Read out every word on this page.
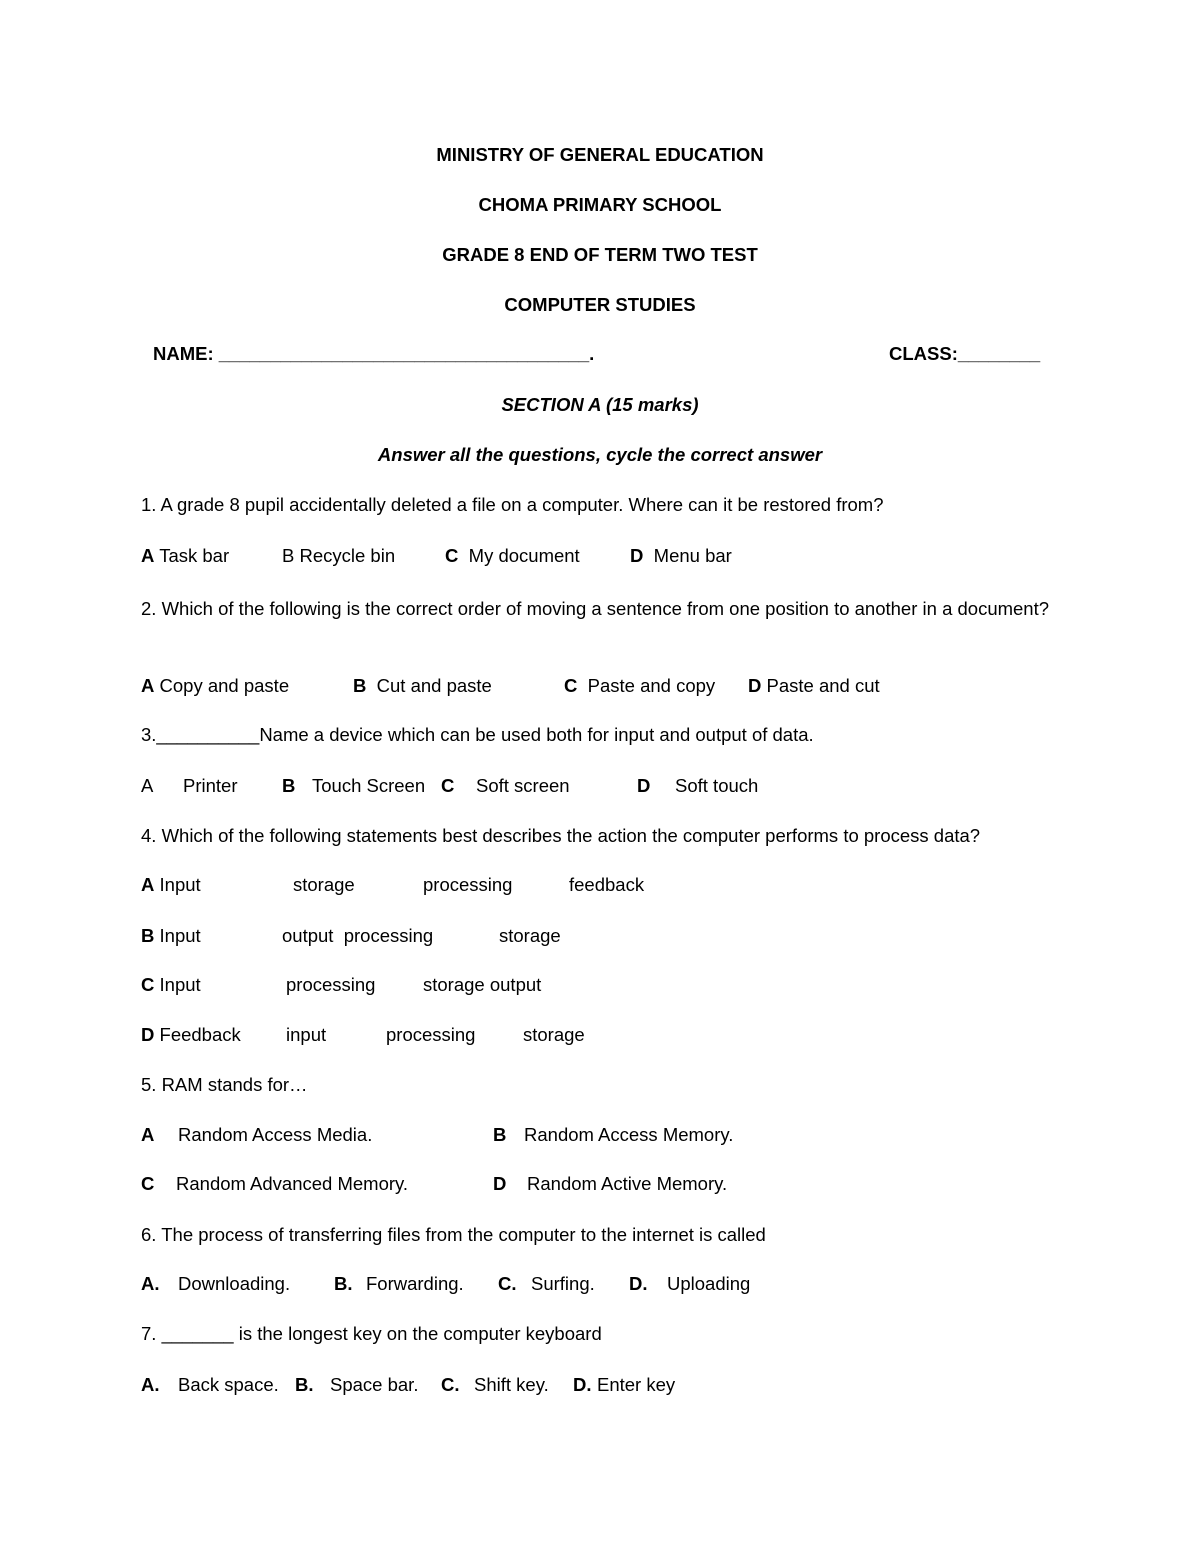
MINISTRY OF GENERAL EDUCATION
CHOMA PRIMARY SCHOOL
GRADE 8 END OF TERM TWO TEST
COMPUTER STUDIES
NAME: ____________________________________.	CLASS:________
SECTION A (15 marks)
Answer all the questions, cycle the correct answer
1. A grade 8 pupil accidentally deleted a file on a computer. Where can it be restored from?
A Task bar	B Recycle bin	C My document	D Menu bar
2. Which of the following is the correct order of moving a sentence from one position to another in a document?
A Copy and paste	B Cut and paste	C Paste and copy D Paste and cut
3.__________Name a device which can be used both for input and output of data.
A Printer B Touch Screen C Soft screen	D Soft touch
4. Which of the following statements best describes the action the computer performs to process data?
A Input	storage	processing	feedback
B Input	output  processing	storage
C Input	processing	storage output
D Feedback input	processing	storage
5. RAM stands for…
A Random Access Media.	B Random Access Memory.
C Random Advanced Memory.	D Random Active Memory.
6. The process of transferring files from the computer to the internet is called
A. Downloading. B. Forwarding. C. Surfing. D. Uploading
7. _______ is the longest key on the computer keyboard
A. Back space. B. Space bar. C. Shift key. D. Enter key
